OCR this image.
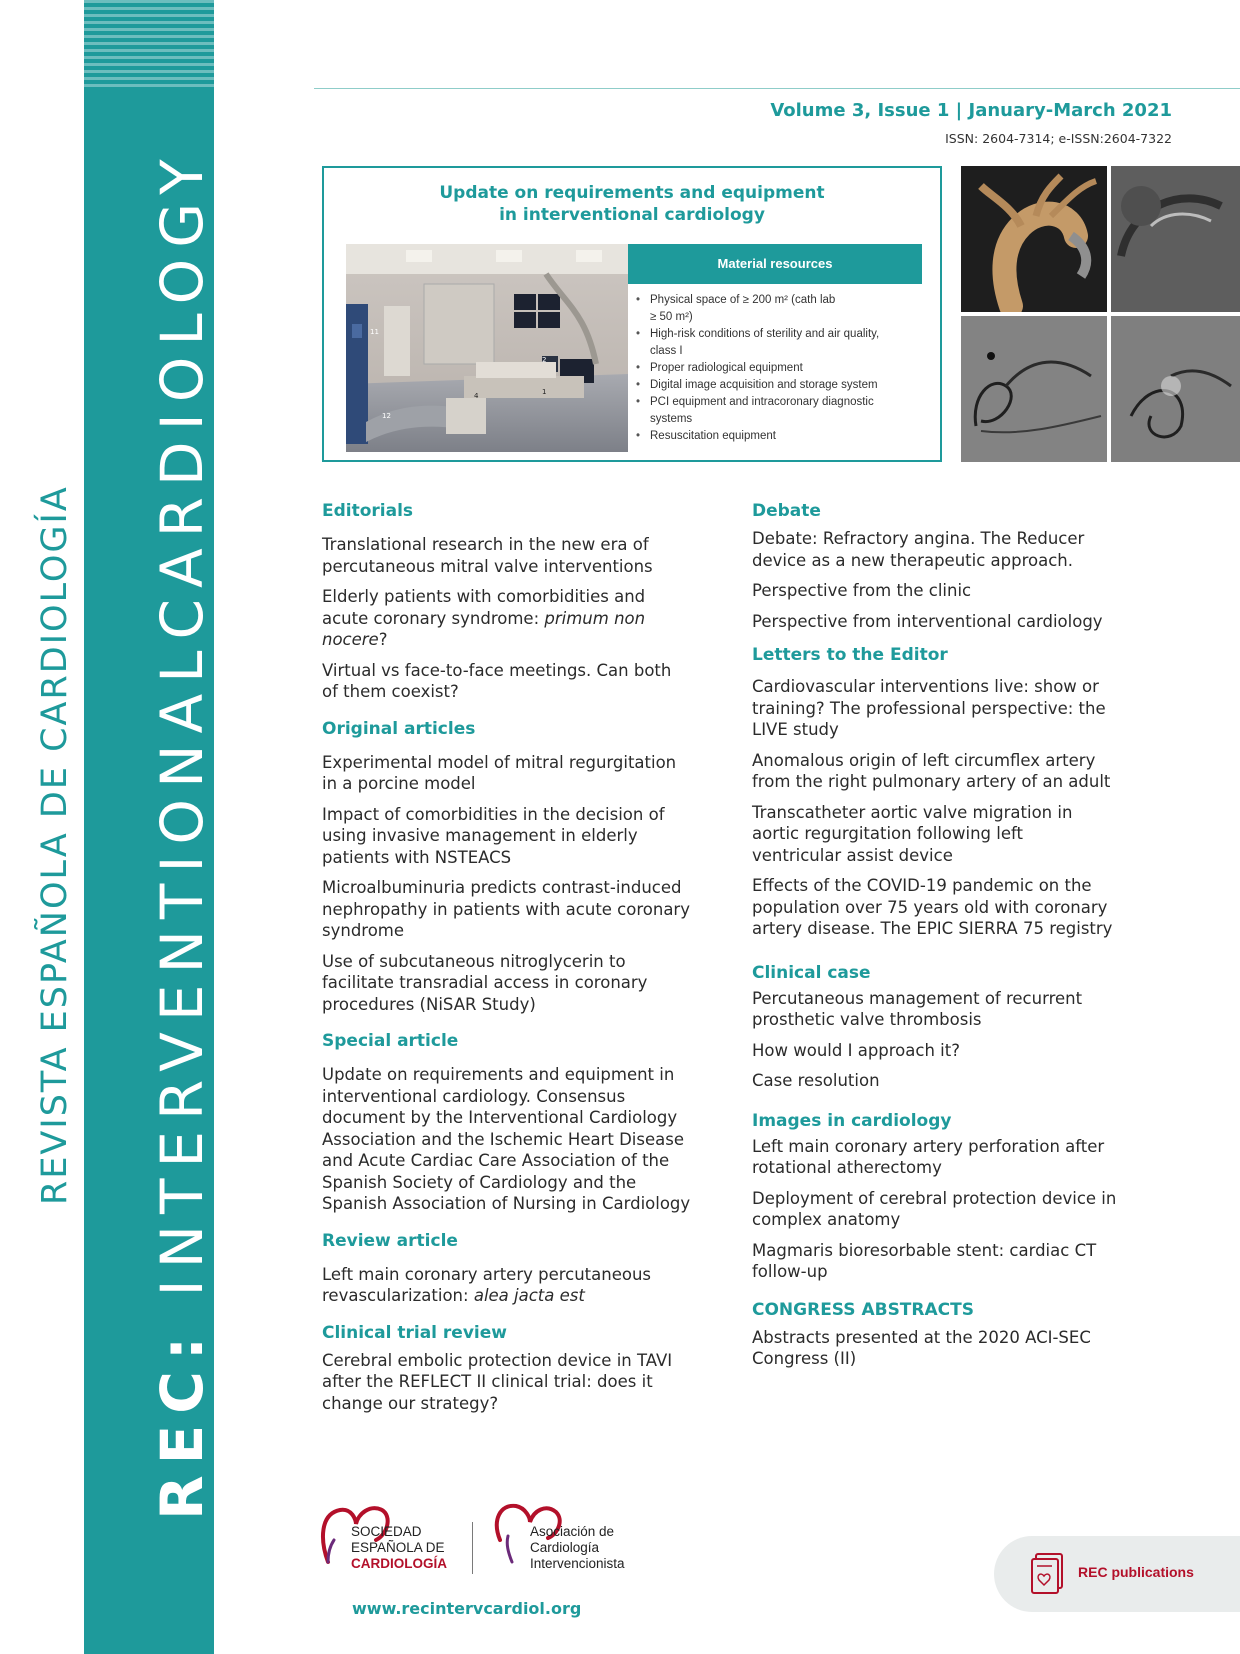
REC: INTERVENTIONALCARDIOLOGY
REVISTA ESPAÑOLA DE CARDIOLOGÍA
Volume 3, Issue 1 | January-March 2021
ISSN: 2604-7314; e-ISSN:2604-7322
Update on requirements and equipment
in interventional cardiology
11
2
4	1
12
Material resources
• Physical space of ≥ 200 m² (cath lab
≥ 50 m²)
• High-risk conditions of sterility and air quality,
class I
• Proper radiological equipment
• Digital image acquisition and storage system
• PCI equipment and intracoronary diagnostic
systems
• Resuscitation equipment
Editorials
Translational research in the new era of
percutaneous mitral valve interventions
Elderly patients with comorbidities and
acute coronary syndrome: primum non
nocere?
Virtual vs face-to-face meetings. Can both
of them coexist?
Original articles
Experimental model of mitral regurgitation
in a porcine model
Impact of comorbidities in the decision of
using invasive management in elderly
patients with NSTEACS
Microalbuminuria predicts contrast-induced
nephropathy in patients with acute coronary
syndrome
Use of subcutaneous nitroglycerin to
facilitate transradial access in coronary
procedures (NiSAR Study)
Special article
Update on requirements and equipment in
interventional cardiology. Consensus
document by the Interventional Cardiology
Association and the Ischemic Heart Disease
and Acute Cardiac Care Association of the
Spanish Society of Cardiology and the
Spanish Association of Nursing in Cardiology
Review article
Left main coronary artery percutaneous
revascularization: alea jacta est
Clinical trial review
Cerebral embolic protection device in TAVI
after the REFLECT II clinical trial: does it
change our strategy?
Debate
Debate: Refractory angina. The Reducer
device as a new therapeutic approach.
Perspective from the clinic
Perspective from interventional cardiology
Letters to the Editor
Cardiovascular interventions live: show or
training? The professional perspective: the
LIVE study
Anomalous origin of left circumflex artery
from the right pulmonary artery of an adult
Transcatheter aortic valve migration in
aortic regurgitation following left
ventricular assist device
Effects of the COVID-19 pandemic on the
population over 75 years old with coronary
artery disease. The EPIC SIERRA 75 registry
Clinical case
Percutaneous management of recurrent
prosthetic valve thrombosis
How would I approach it?
Case resolution
Images in cardiology
Left main coronary artery perforation after
rotational atherectomy
Deployment of cerebral protection device in
complex anatomy
Magmaris bioresorbable stent: cardiac CT
follow-up
CONGRESS ABSTRACTS
Abstracts presented at the 2020 ACI-SEC
Congress (II)
SOCIEDAD
ESPAÑOLA DE
CARDIOLOGÍA
Asociación de
Cardiología
Intervencionista
www.recintervcardiol.org
REC publications
